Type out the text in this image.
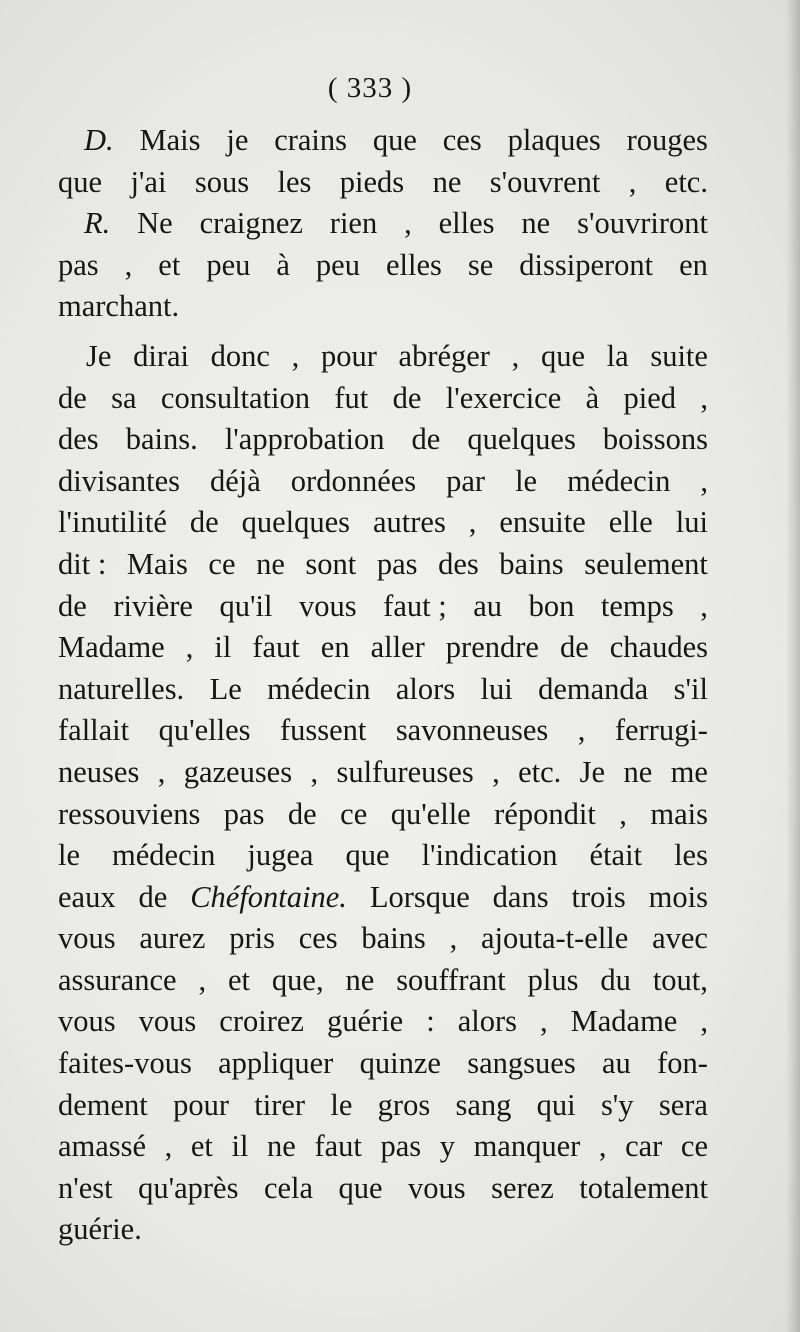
( 333 )
D. Mais je crains que ces plaques rouges
que j'ai sous les pieds ne s'ouvrent , etc.
R. Ne craignez rien , elles ne s'ouvriront
pas , et peu à peu elles se dissiperont en
marchant.
Je dirai donc , pour abréger , que la suite
de sa consultation fut de l'exercice à pied ,
des bains. l'approbation de quelques boissons
divisantes déjà ordonnées par le médecin ,
l'inutilité de quelques autres , ensuite elle lui
dit : Mais ce ne sont pas des bains seulement
de rivière qu'il vous faut ; au bon temps ,
Madame , il faut en aller prendre de chaudes
naturelles. Le médecin alors lui demanda s'il
fallait qu'elles fussent savonneuses , ferrugi-
neuses , gazeuses , sulfureuses , etc. Je ne me
ressouviens pas de ce qu'elle répondit , mais
le médecin jugea que l'indication était les
eaux de Chéfontaine. Lorsque dans trois mois
vous aurez pris ces bains , ajouta-t-elle avec
assurance , et que, ne souffrant plus du tout,
vous vous croirez guérie : alors , Madame ,
faites-vous appliquer quinze sangsues au fon-
dement pour tirer le gros sang qui s'y sera
amassé , et il ne faut pas y manquer , car ce
n'est qu'après cela que vous serez totalement
guérie.
